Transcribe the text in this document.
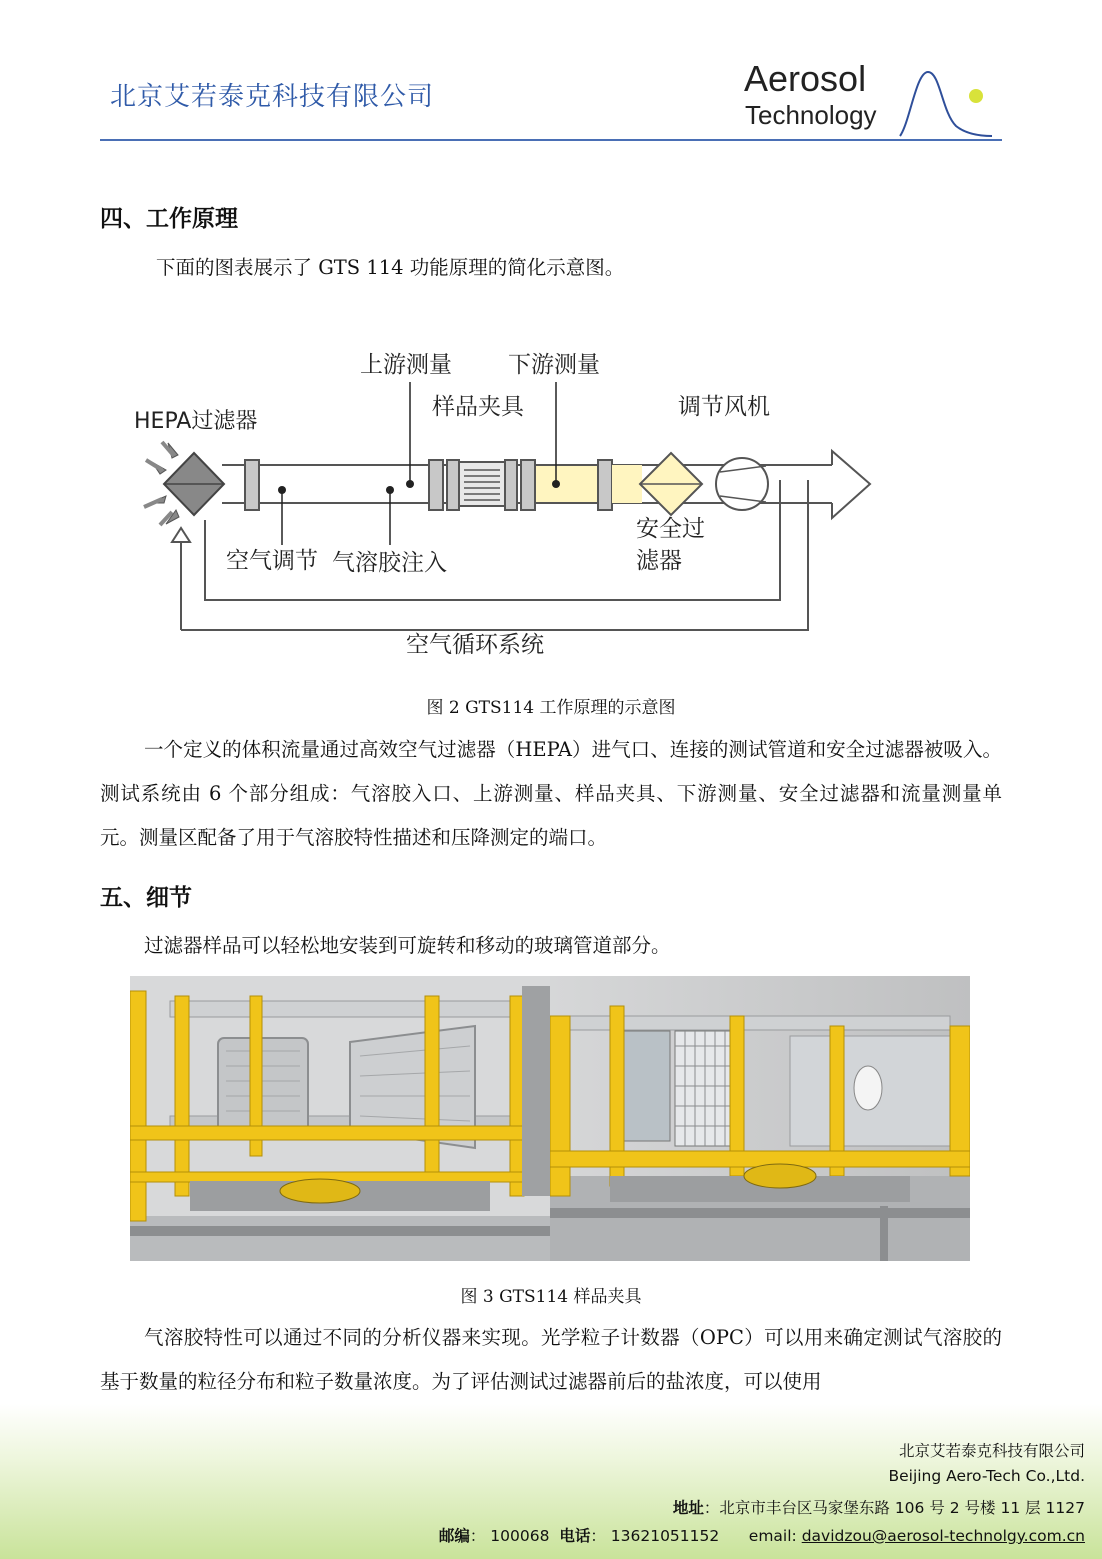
北京艾若泰克科技有限公司	Aerosol
Technology
四、工作原理
下面的图表展示了 GTS 114 功能原理的简化示意图。
HEPA过滤器
上游测量 下游测量
样品夹具	调节风机
安全过
滤器
空气调节 气溶胶注入
空气循环系统
图 2 GTS114 工作原理的示意图
一个定义的体积流量通过高效空气过滤器（HEPA）进气口、连接的测试管道和安全过滤器被吸入。测试系统由 6 个部分组成：气溶胶入口、上游测量、样品夹具、下游测量、安全过滤器和流量测量单元。测量区配备了用于气溶胶特性描述和压降测定的端口。
五、细节
过滤器样品可以轻松地安装到可旋转和移动的玻璃管道部分。
图 3 GTS114 样品夹具
气溶胶特性可以通过不同的分析仪器来实现。光学粒子计数器（OPC）可以用来确定测试气溶胶的基于数量的粒径分布和粒子数量浓度。为了评估测试过滤器前后的盐浓度，可以使用
北京艾若泰克科技有限公司
Beijing Aero-Tech Co.,Ltd.
地址：北京市丰台区马家堡东路 106 号 2 号楼 11 层 1127
邮编： 100068 电话： 13621051152 email: davidzou@aerosol-technolgy.com.cn
